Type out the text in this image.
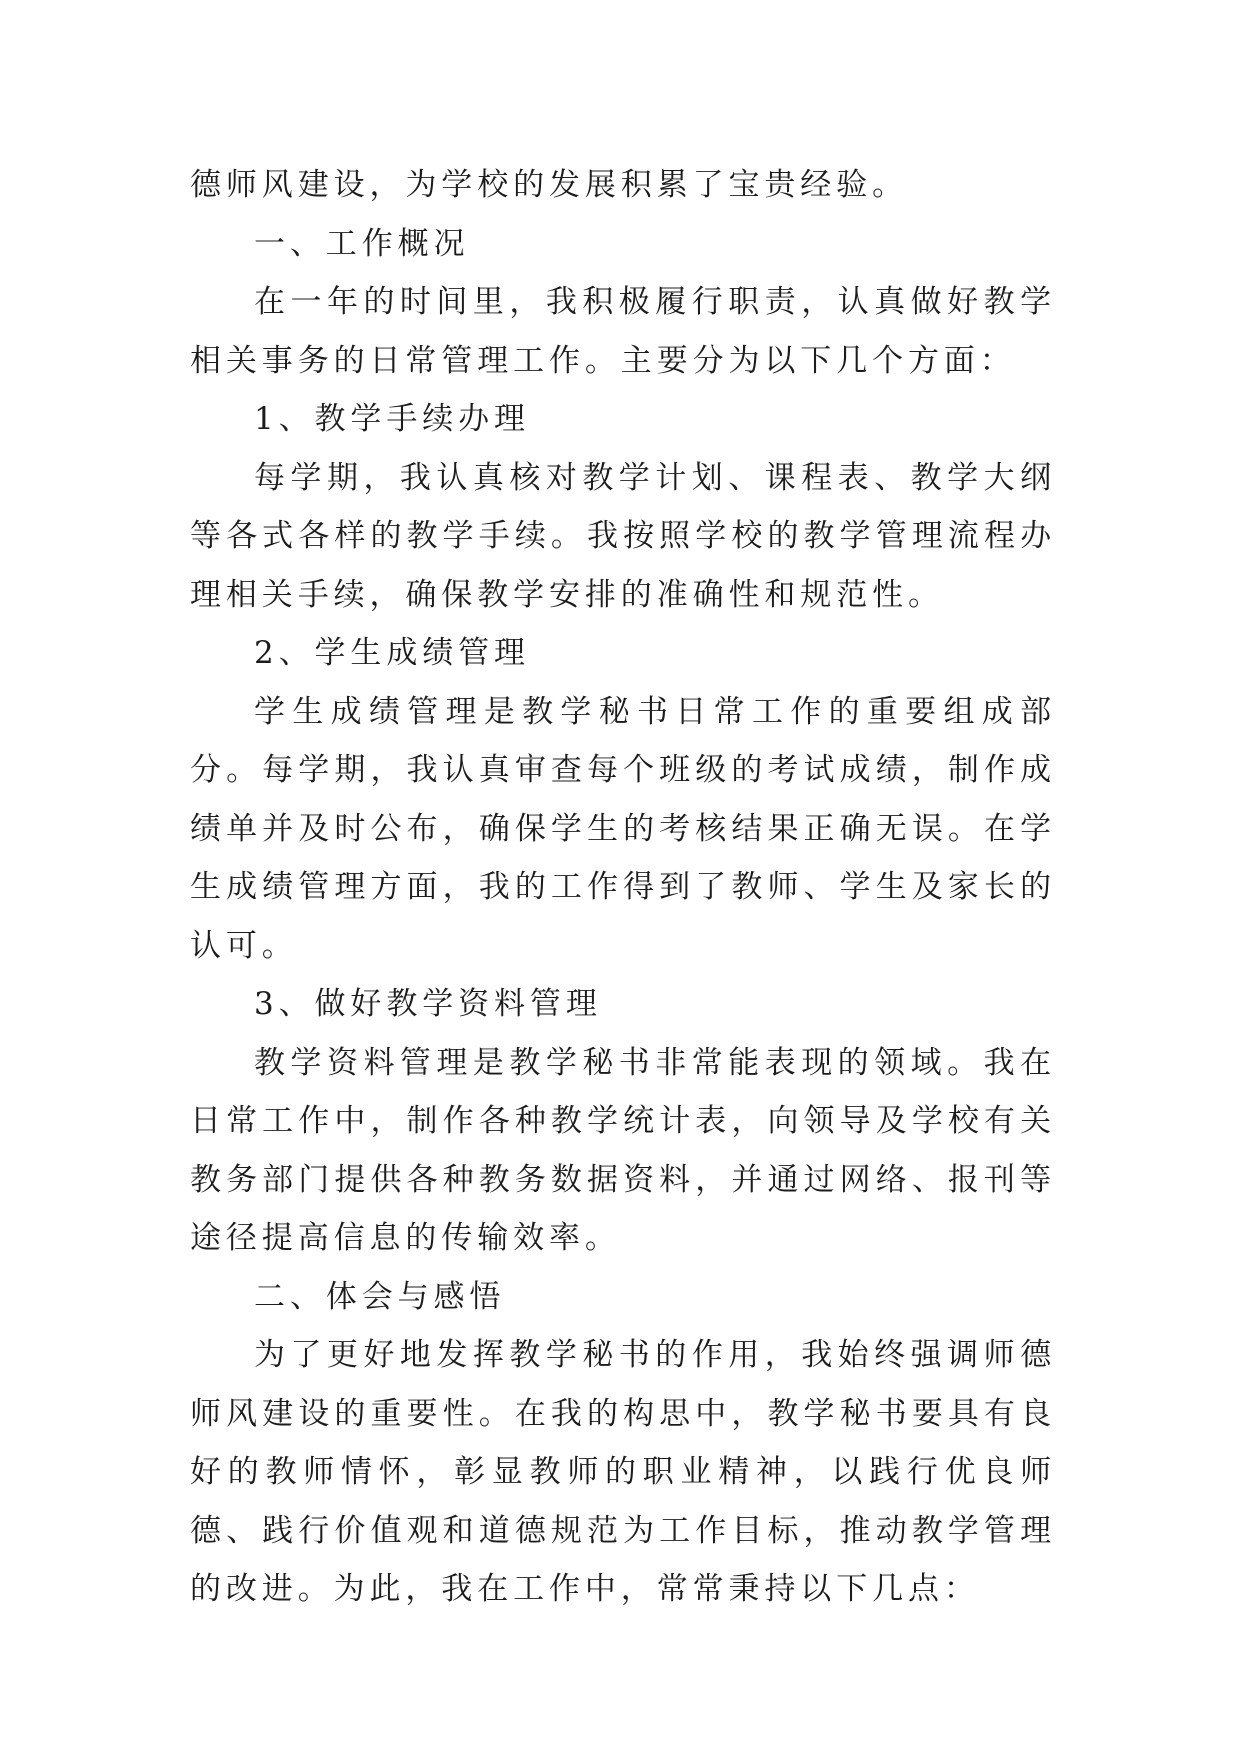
德师风建设，为学校的发展积累了宝贵经验。

一、工作概况

在一年的时间里，我积极履行职责，认真做好教学相关事务的日常管理工作。主要分为以下几个方面：

1、教学手续办理

每学期，我认真核对教学计划、课程表、教学大纲等各式各样的教学手续。我按照学校的教学管理流程办理相关手续，确保教学安排的准确性和规范性。

2、学生成绩管理

学生成绩管理是教学秘书日常工作的重要组成部分。每学期，我认真审查每个班级的考试成绩，制作成绩单并及时公布，确保学生的考核结果正确无误。在学生成绩管理方面，我的工作得到了教师、学生及家长的认可。

3、做好教学资料管理

教学资料管理是教学秘书非常能表现的领域。我在日常工作中，制作各种教学统计表，向领导及学校有关教务部门提供各种教务数据资料，并通过网络、报刊等途径提高信息的传输效率。

二、体会与感悟

为了更好地发挥教学秘书的作用，我始终强调师德师风建设的重要性。在我的构思中，教学秘书要具有良好的教师情怀，彰显教师的职业精神，以践行优良师德、践行价值观和道德规范为工作目标，推动教学管理的改进。为此，我在工作中，常常秉持以下几点：
